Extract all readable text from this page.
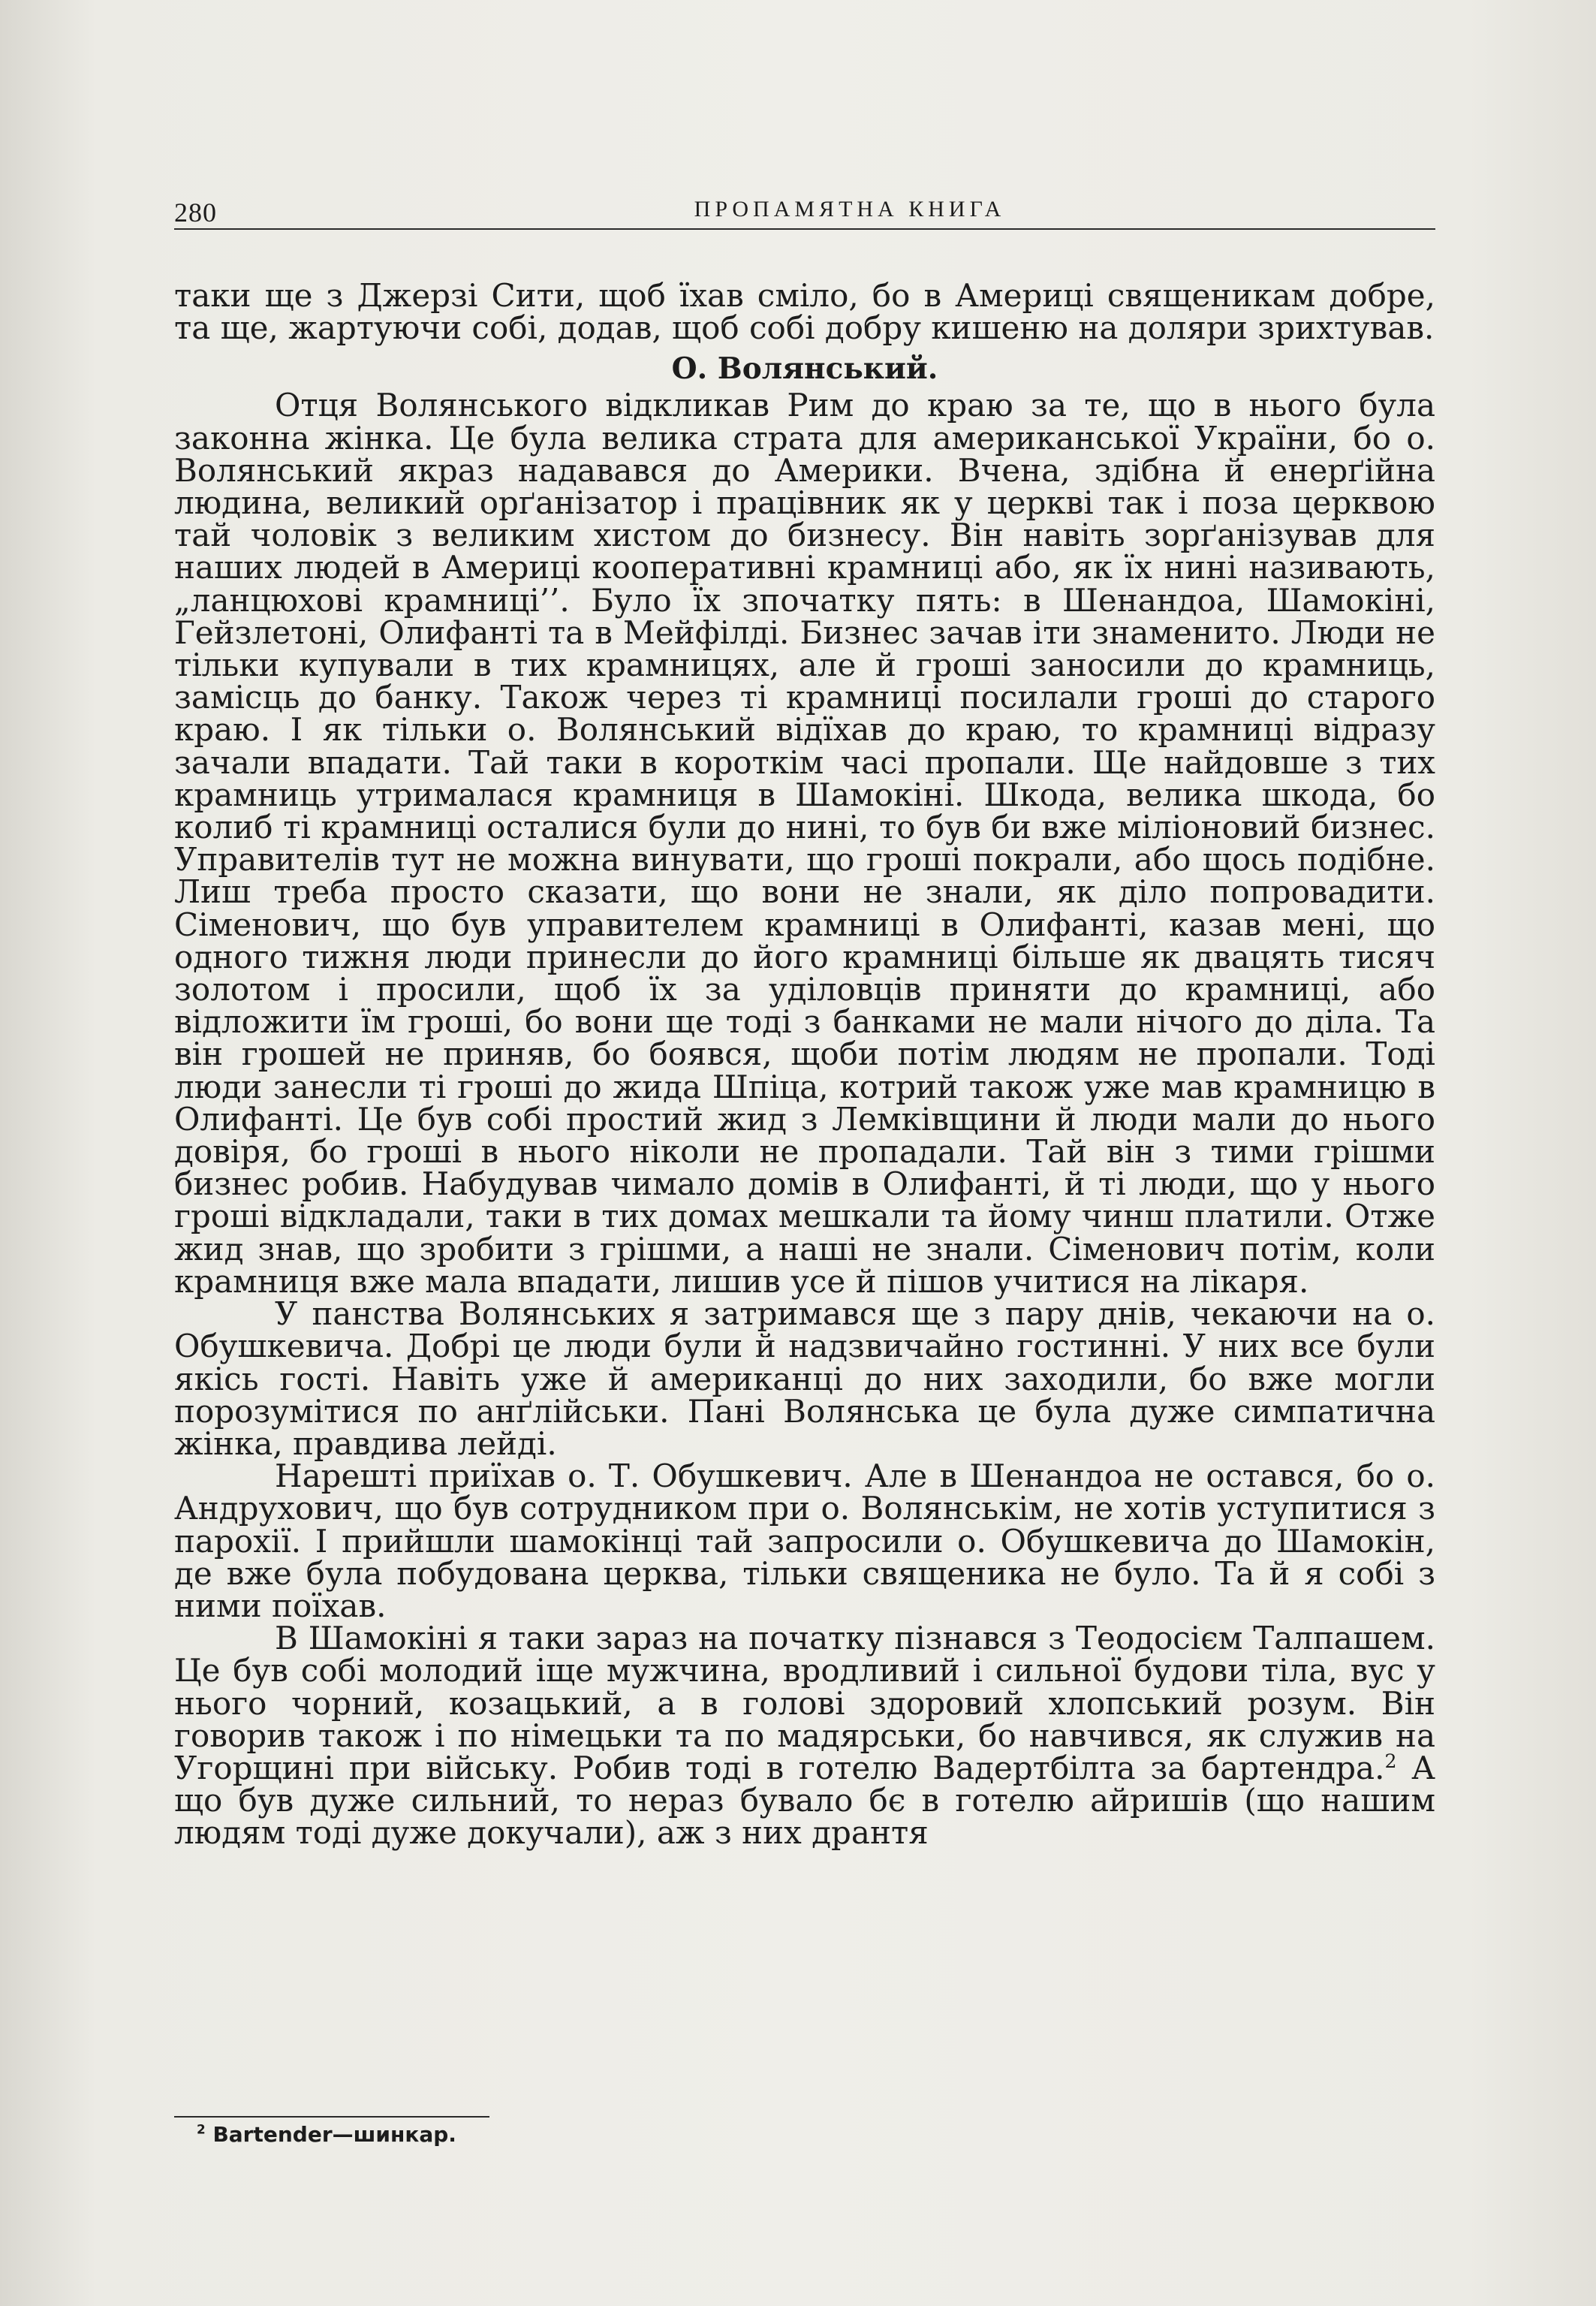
280	ПРОПАМЯТНА КНИГА

таки ще з Джерзі Сити, щоб їхав сміло, бо в Америці священикам добре, та ще, жартуючи собі, додав, щоб собі добру кишеню на доляри зрихтував.

О. Волянський.

Отця Волянського відкликав Рим до краю за те, що в нього була законна жінка. Це була велика страта для американської України, бо о. Волянський якраз надавався до Америки. Вчена, здібна й енерґійна людина, великий орґанізатор і працівник як у церкві так і поза церквою тай чоловік з великим хистом до бизнесу. Він навіть зорґанізував для наших людей в Америці кооперативні крамниці або, як їх нині називають, „ланцюхові крамниці’’. Було їх зпочатку пять: в Шенандоа, Шамокіні, Гейзлетоні, Олифанті та в Мейфілді. Бизнес зачав іти знаменито. Люди не тільки купували в тих крамницях, але й гроші заносили до крамниць, замісць до банку. Також через ті крамниці посилали гроші до старого краю. І як тільки о. Волянський відїхав до краю, то крамниці відразу зачали впадати. Тай таки в короткім часі пропали. Ще найдовше з тих крамниць утрималася крамниця в Шамокіні. Шкода, велика шкода, бо колиб ті крамниці осталися були до нині, то був би вже міліоновий бизнес. Управителів тут не можна винувати, що гроші покрали, або щось подібне. Лиш треба просто сказати, що вони не знали, як діло попровадити. Сіменович, що був управителем крамниці в Олифанті, казав мені, що одного тижня люди принесли до його крамниці більше як двацять тисяч золотом і просили, щоб їх за уділовців приняти до крамниці, або відложити їм гроші, бо вони ще тоді з банками не мали нічого до діла. Та він грошей не приняв, бо боявся, щоби потім людям не пропали. Тоді люди занесли ті гроші до жида Шпіца, котрий також уже мав крамницю в Олифанті. Це був собі простий жид з Лемківщини й люди мали до нього довіря, бо гроші в нього ніколи не пропадали. Тай він з тими грішми бизнес робив. Набудував чимало домів в Олифанті, й ті люди, що у нього гроші відкладали, таки в тих домах мешкали та йому чинш платили. Отже жид знав, що зробити з грішми, а наші не знали. Сіменович потім, коли крамниця вже мала впадати, лишив усе й пішов учитися на лікаря.

У панства Волянських я затримався ще з пару днів, чекаючи на о. Обушкевича. Добрі це люди були й надзвичайно гостинні. У них все були якісь гості. Навіть уже й американці до них заходили, бо вже могли порозумітися по анґлійськи. Пані Волянська це була дуже симпатична жінка, правдива лейді.

Нарешті приїхав о. Т. Обушкевич. Але в Шенандоа не остався, бо о. Андрухович, що був сотрудником при о. Волянськім, не хотів уступитися з парохії. І прийшли шамокінці тай запросили о. Обушкевича до Шамокін, де вже була побудована церква, тільки священика не було. Та й я собі з ними поїхав.

В Шамокіні я таки зараз на початку пізнався з Теодосієм Талпашем. Це був собі молодий іще мужчина, вродливий і сильної будови тіла, вус у нього чорний, козацький, а в голові здоровий хлопський розум. Він говорив також і по німецьки та по мадярськи, бо навчився, як служив на Угорщині при війську. Робив тоді в готелю Вадертбілта за бартендра.$^2$ А що був дуже сильний, то нераз бувало бє в готелю айришів (що нашим людям тоді дуже докучали), аж з них дрантя

$^2$ Bartender—шинкар.
